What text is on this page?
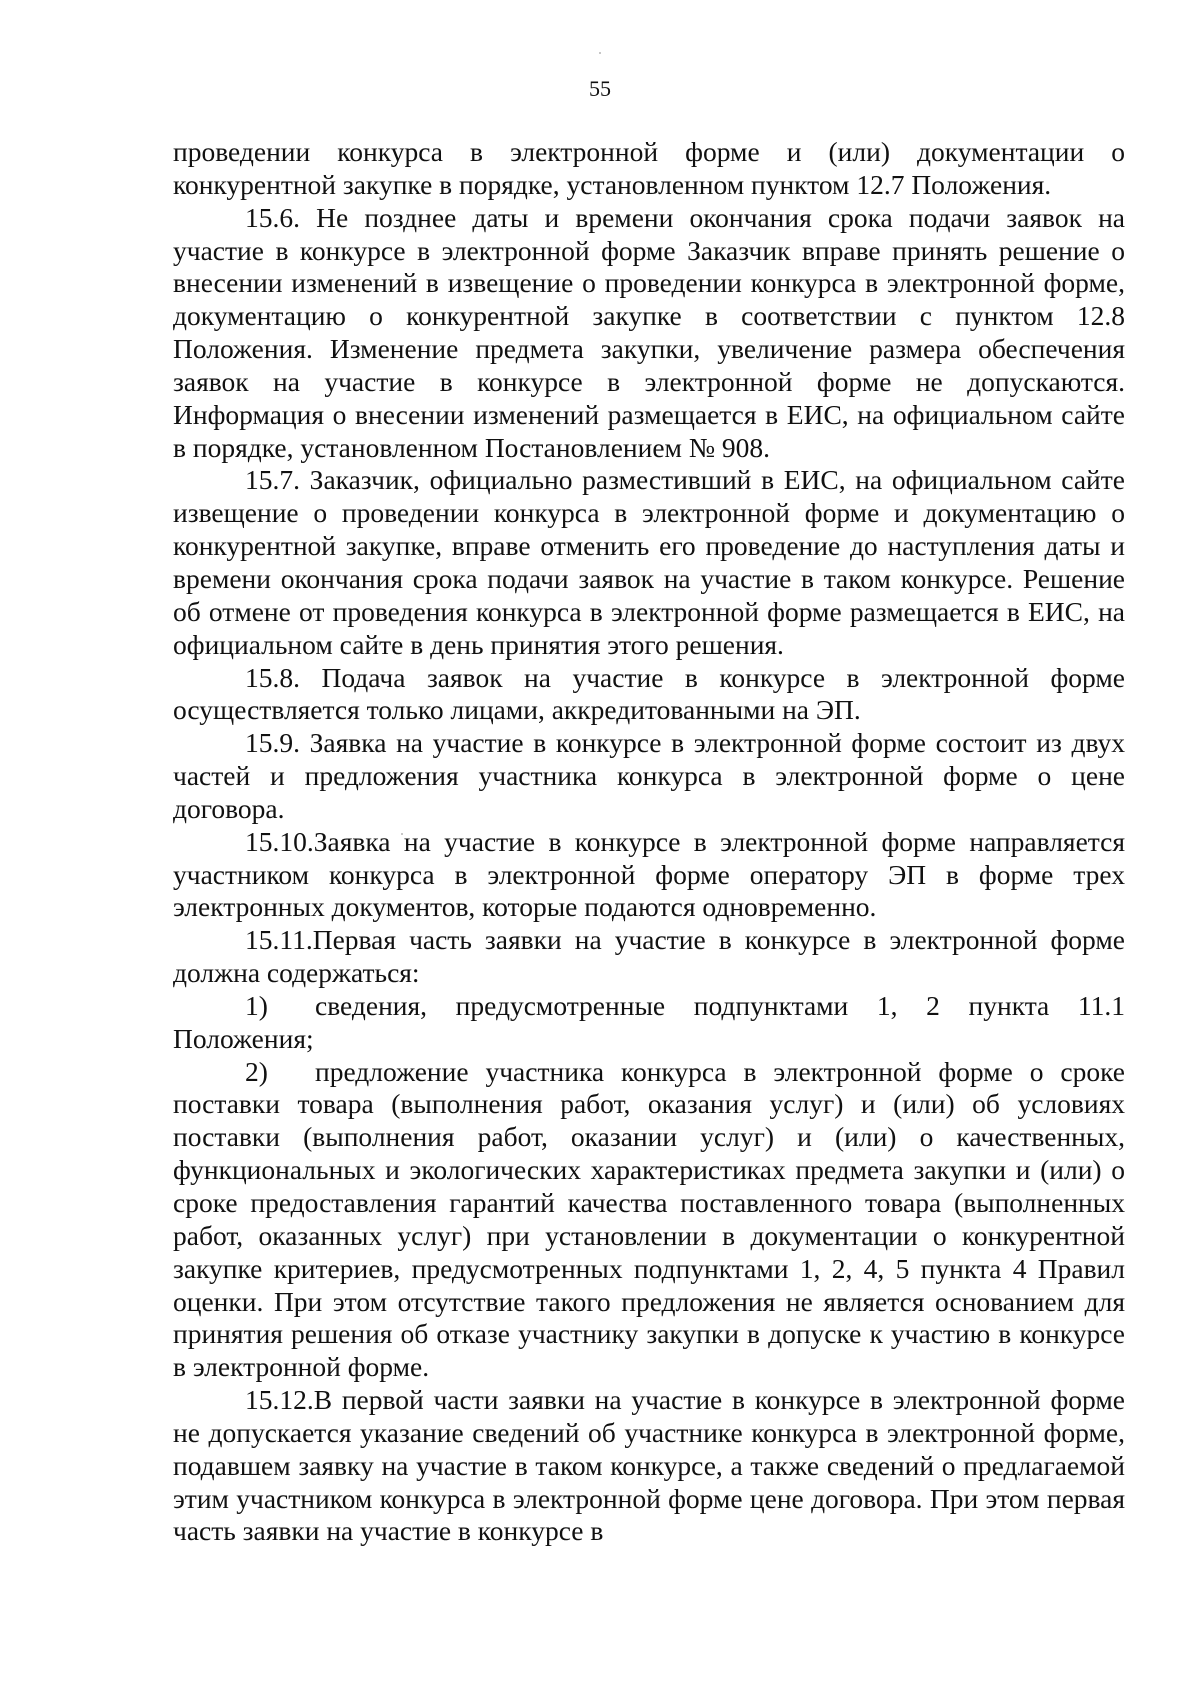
55

проведении конкурса в электронной форме и (или) документации о конкурентной закупке в порядке, установленном пунктом 12.7 Положения.

15.6. Не позднее даты и времени окончания срока подачи заявок на участие в конкурсе в электронной форме Заказчик вправе принять решение о внесении изменений в извещение о проведении конкурса в электронной форме, документацию о конкурентной закупке в соответствии с пунктом 12.8 Положения. Изменение предмета закупки, увеличение размера обеспечения заявок на участие в конкурсе в электронной форме не допускаются. Информация о внесении изменений размещается в ЕИС, на официальном сайте в порядке, установленном Постановлением № 908.

15.7. Заказчик, официально разместивший в ЕИС, на официальном сайте извещение о проведении конкурса в электронной форме и документацию о конкурентной закупке, вправе отменить его проведение до наступления даты и времени окончания срока подачи заявок на участие в таком конкурсе. Решение об отмене от проведения конкурса в электронной форме размещается в ЕИС, на официальном сайте в день принятия этого решения.

15.8. Подача заявок на участие в конкурсе в электронной форме осуществляется только лицами, аккредитованными на ЭП.

15.9. Заявка на участие в конкурсе в электронной форме состоит из двух частей и предложения участника конкурса в электронной форме о цене договора.

15.10.Заявка на участие в конкурсе в электронной форме направляется участником конкурса в электронной форме оператору ЭП в форме трех электронных документов, которые подаются одновременно.

15.11.Первая часть заявки на участие в конкурсе в электронной форме должна содержаться:

1) сведения, предусмотренные подпунктами 1, 2 пункта 11.1 Положения;

2) предложение участника конкурса в электронной форме о сроке поставки товара (выполнения работ, оказания услуг) и (или) об условиях поставки (выполнения работ, оказании услуг) и (или) о качественных, функциональных и экологических характеристиках предмета закупки и (или) о сроке предоставления гарантий качества поставленного товара (выполненных работ, оказанных услуг) при установлении в документации о конкурентной закупке критериев, предусмотренных подпунктами 1, 2, 4, 5 пункта 4 Правил оценки. При этом отсутствие такого предложения не является основанием для принятия решения об отказе участнику закупки в допуске к участию в конкурсе в электронной форме.

15.12.В первой части заявки на участие в конкурсе в электронной форме не допускается указание сведений об участнике конкурса в электронной форме, подавшем заявку на участие в таком конкурсе, а также сведений о предлагаемой этим участником конкурса в электронной форме цене договора. При этом первая часть заявки на участие в конкурсе в
